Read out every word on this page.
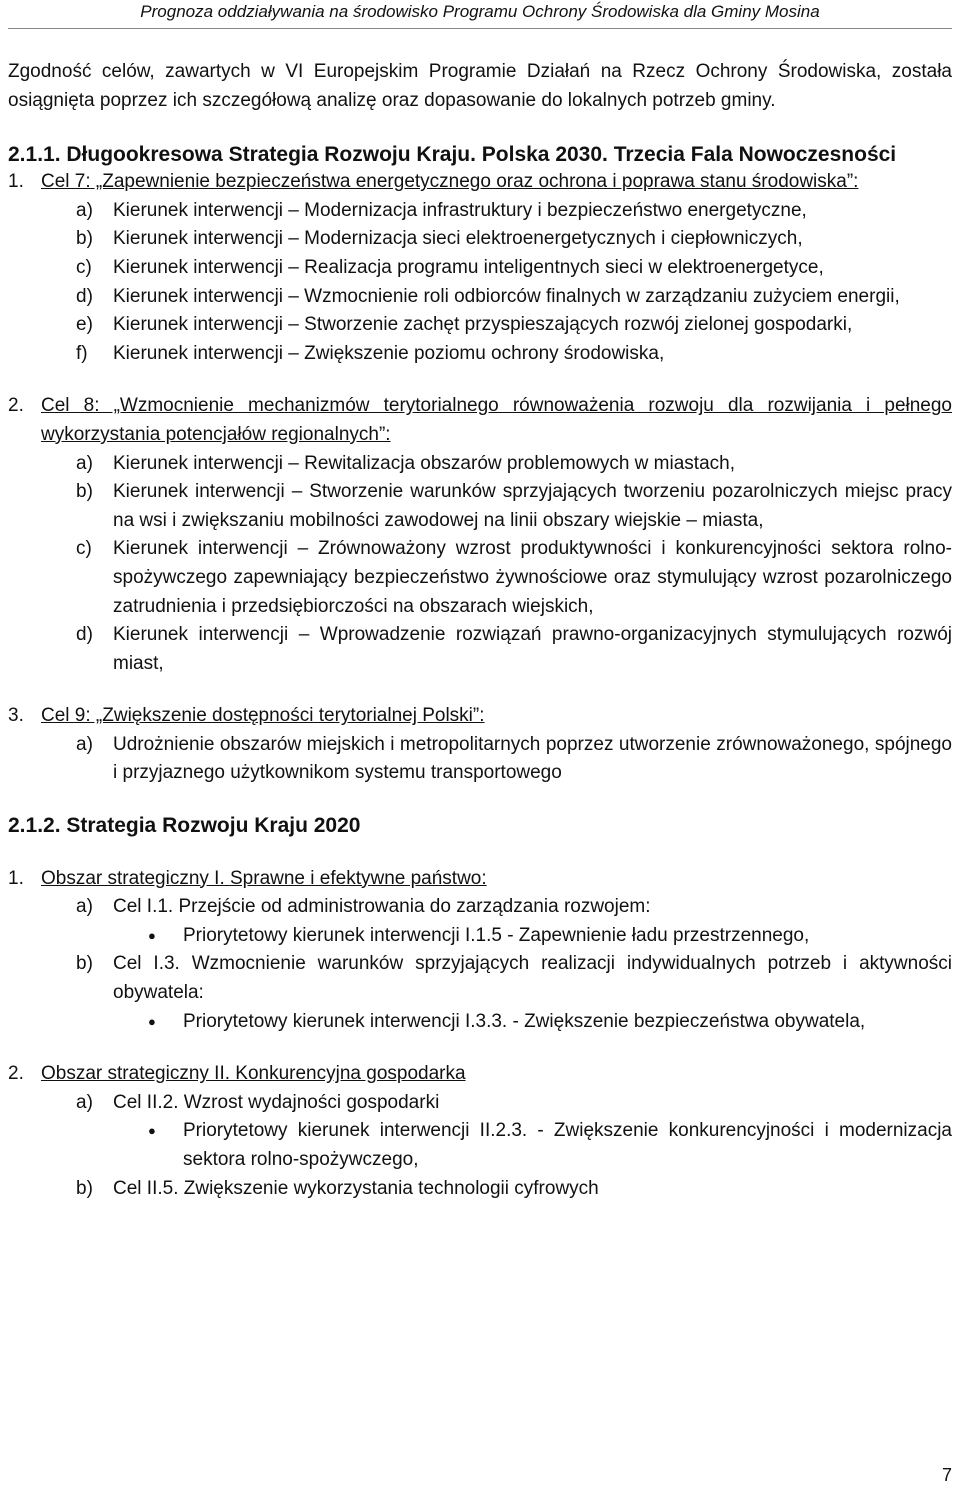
Prognoza oddziaływania na środowisko Programu Ochrony Środowiska dla Gminy Mosina

Zgodność celów, zawartych w VI Europejskim Programie Działań na Rzecz Ochrony Środowiska, została osiągnięta poprzez ich szczegółową analizę oraz dopasowanie do lokalnych potrzeb gminy.

2.1.1. Długookresowa Strategia Rozwoju Kraju. Polska 2030. Trzecia Fala Nowoczesności

1. Cel 7: „Zapewnienie bezpieczeństwa energetycznego oraz ochrona i poprawa stanu środowiska”:
a)	Kierunek interwencji – Modernizacja infrastruktury i bezpieczeństwo energetyczne,
b)	Kierunek interwencji – Modernizacja sieci elektroenergetycznych i ciepłowniczych,
c)	Kierunek interwencji – Realizacja programu inteligentnych sieci w elektroenergetyce,
d)	Kierunek interwencji – Wzmocnienie roli odbiorców finalnych w zarządzaniu zużyciem energii,
e)	Kierunek interwencji – Stworzenie zachęt przyspieszających rozwój zielonej gospodarki,
f)	Kierunek interwencji – Zwiększenie poziomu ochrony środowiska,
2. Cel 8: „Wzmocnienie mechanizmów terytorialnego równoważenia rozwoju dla rozwijania i pełnego wykorzystania potencjałów regionalnych”:
a)	Kierunek interwencji – Rewitalizacja obszarów problemowych w miastach,
b)	Kierunek interwencji – Stworzenie warunków sprzyjających tworzeniu pozarolniczych miejsc pracy na wsi i zwiększaniu mobilności zawodowej na linii obszary wiejskie – miasta,
c)	Kierunek interwencji – Zrównoważony wzrost produktywności i konkurencyjności sektora rolno-spożywczego zapewniający bezpieczeństwo żywnościowe oraz stymulujący wzrost pozarolniczego zatrudnienia i przedsiębiorczości na obszarach wiejskich,
d)	Kierunek interwencji – Wprowadzenie rozwiązań prawno-organizacyjnych stymulujących rozwój miast,
3. Cel 9: „Zwiększenie dostępności terytorialnej Polski”:
a)	Udrożnienie obszarów miejskich i metropolitarnych poprzez utworzenie zrównoważonego, spójnego i przyjaznego użytkownikom systemu transportowego

2.1.2. Strategia Rozwoju Kraju 2020

1. Obszar strategiczny I. Sprawne i efektywne państwo:
a)	Cel I.1. Przejście od administrowania do zarządzania rozwojem:
●	Priorytetowy kierunek interwencji I.1.5 - Zapewnienie ładu przestrzennego,
b)	Cel I.3. Wzmocnienie warunków sprzyjających realizacji indywidualnych potrzeb i aktywności obywatela:
●	Priorytetowy kierunek interwencji I.3.3. - Zwiększenie bezpieczeństwa obywatela,
2. Obszar strategiczny II. Konkurencyjna gospodarka
a)	Cel II.2. Wzrost wydajności gospodarki
●	Priorytetowy kierunek interwencji II.2.3. - Zwiększenie konkurencyjności i modernizacja sektora rolno-spożywczego,
b)	Cel II.5. Zwiększenie wykorzystania technologii cyfrowych
7
